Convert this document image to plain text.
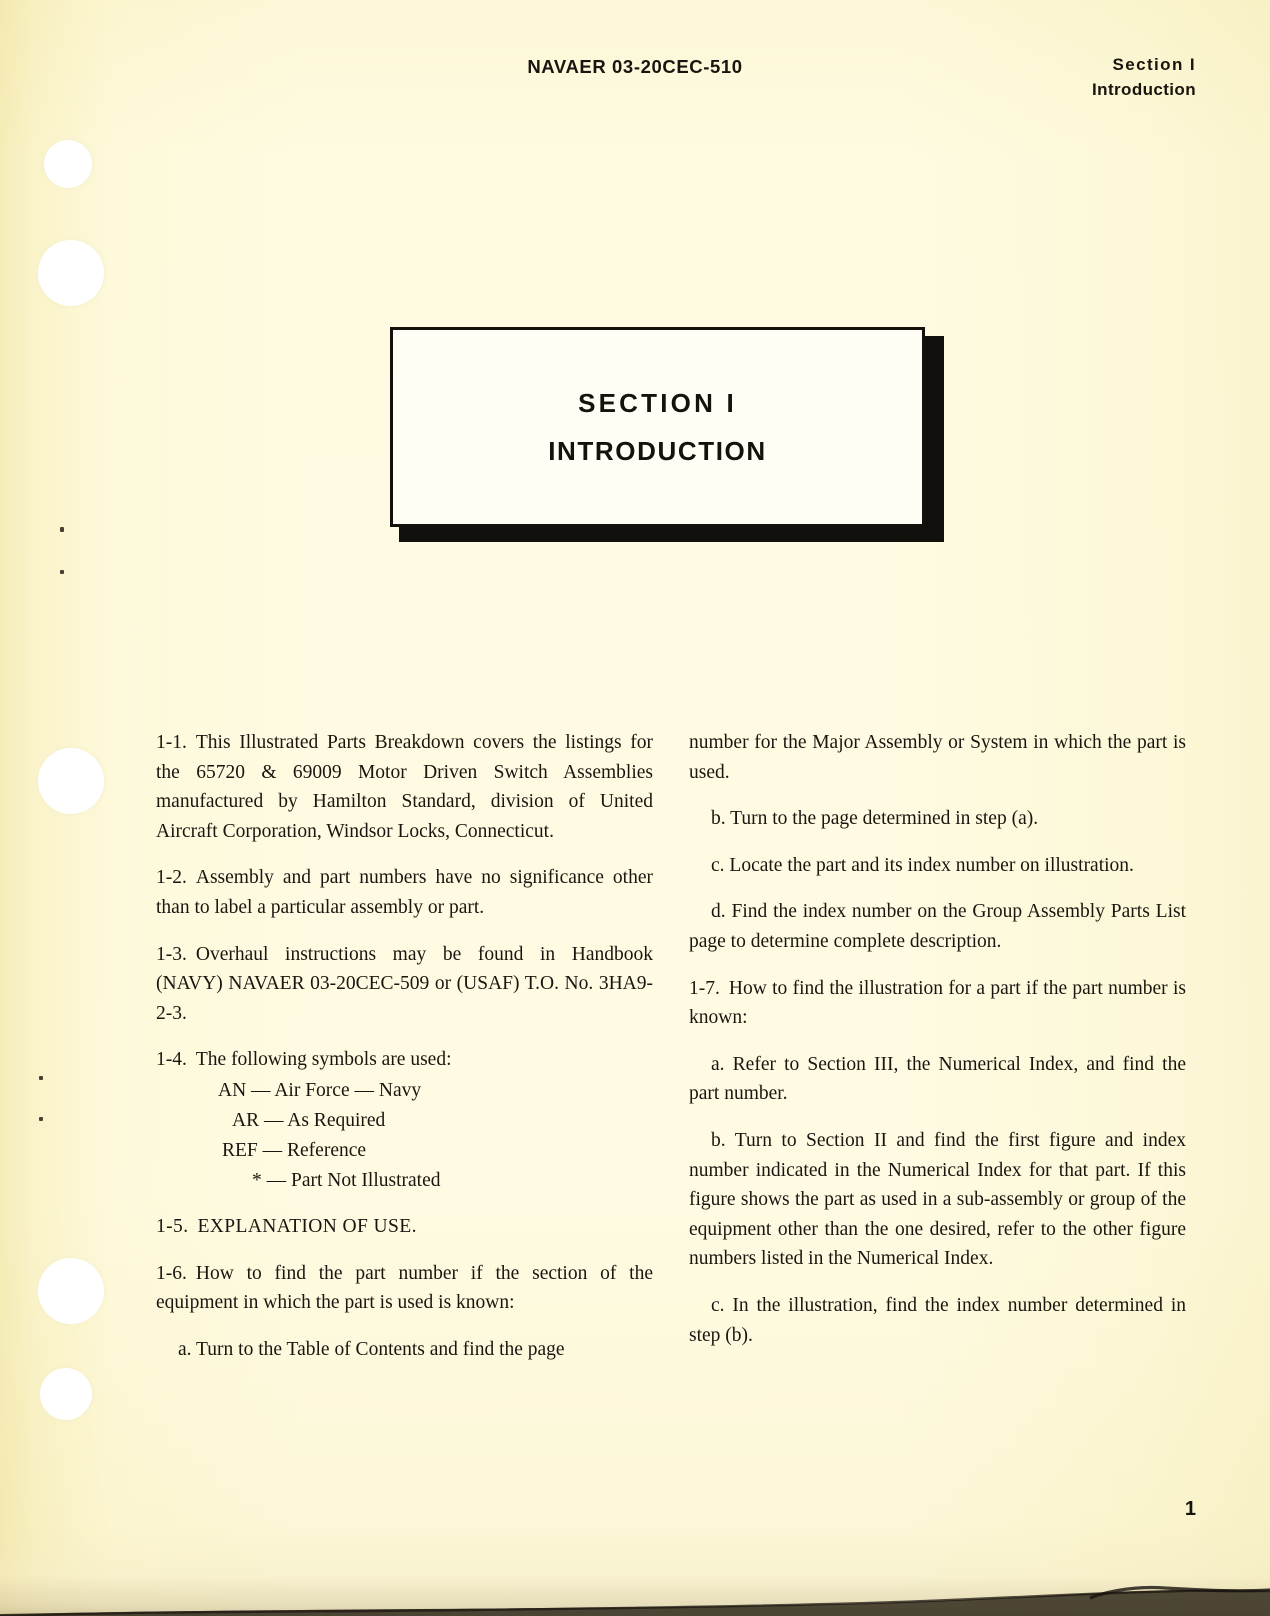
NAVAER 03-20CEC-510	Section I
Introduction
SECTION I
INTRODUCTION

1-1. This Illustrated Parts Breakdown covers the listings for the 65720 & 69009 Motor Driven Switch Assemblies manufactured by Hamilton Standard, division of United Aircraft Corporation, Windsor Locks, Connecticut.

1-2. Assembly and part numbers have no significance other than to label a particular assembly or part.

1-3. Overhaul instructions may be found in Handbook (NAVY) NAVAER 03-20CEC-509 or (USAF) T.O. No. 3HA9-2-3.

1-4. The following symbols are used:

AN — Air Force — Navy
AR — As Required
REF — Reference
* — Part Not Illustrated

1-5. EXPLANATION OF USE.

1-6. How to find the part number if the section of the equipment in which the part is used is known:

a. Turn to the Table of Contents and find the page

number for the Major Assembly or System in which the part is used.

b. Turn to the page determined in step (a).

c. Locate the part and its index number on illustration.

d. Find the index number on the Group Assembly Parts List page to determine complete description.

1-7. How to find the illustration for a part if the part number is known:

a. Refer to Section III, the Numerical Index, and find the part number.

b. Turn to Section II and find the first figure and index number indicated in the Numerical Index for that part. If this figure shows the part as used in a sub-assembly or group of the equipment other than the one desired, refer to the other figure numbers listed in the Numerical Index.

c. In the illustration, find the index number determined in step (b).

1
